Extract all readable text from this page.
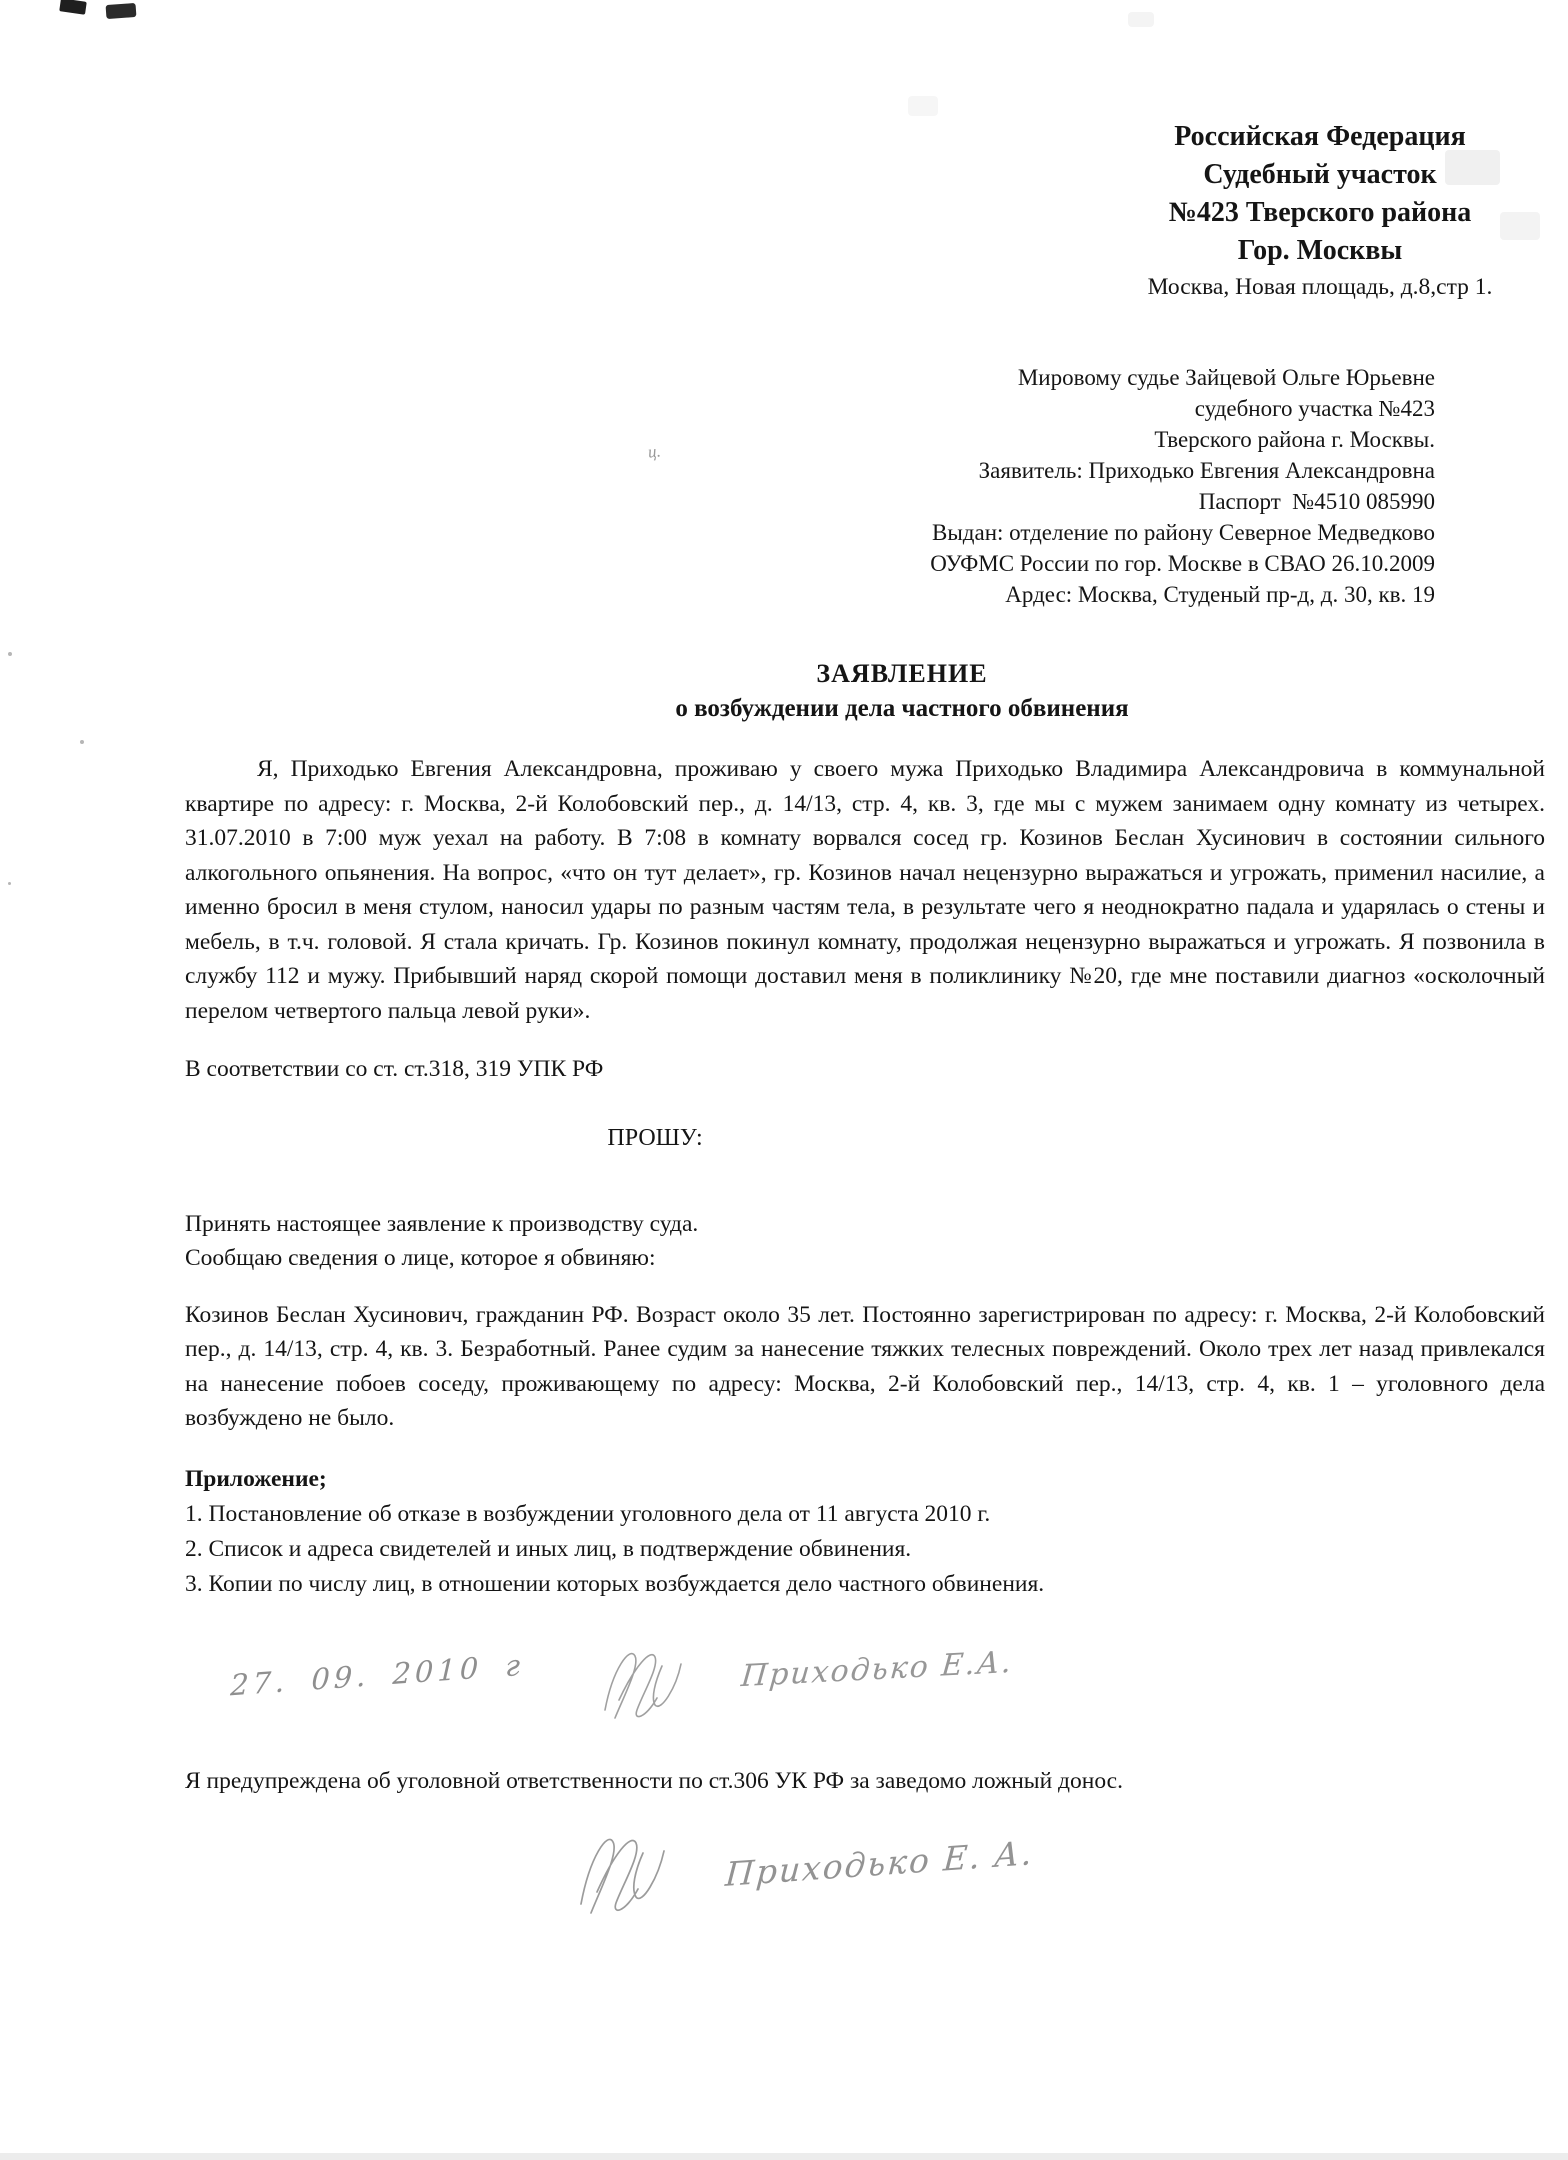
ц.
Российская Федерация
Судебный участок
№423 Тверского района
Гор. Москвы
Москва, Новая площадь, д.8,стр 1.
Мировому судье Зайцевой Ольге Юрьевне
судебного участка №423
Тверского района г. Москвы.
Заявитель: Приходько Евгения Александровна
Паспорт  №4510 085990
Выдан: отделение по району Северное Медведково
ОУФМС России по гор. Москве в СВАО 26.10.2009
Ардес: Москва, Студеный пр-д, д. 30, кв. 19
ЗАЯВЛЕНИЕ
о возбуждении дела частного обвинения

Я, Приходько Евгения Александровна, проживаю у своего мужа Приходько Владимира Александровича в коммунальной квартире по адресу: г. Москва, 2-й Колобовский пер., д. 14/13, стр. 4, кв. 3, где мы с мужем занимаем одну комнату из четырех. 31.07.2010 в 7:00 муж уехал на работу. В 7:08 в комнату ворвался сосед гр. Козинов Беслан Хусинович в состоянии сильного алкогольного опьянения. На вопрос, «что он тут делает», гр. Козинов начал нецензурно выражаться и угрожать, применил насилие, а именно бросил в меня стулом, наносил удары по разным частям тела, в результате чего я неоднократно падала и ударялась о стены и мебель, в т.ч. головой. Я стала кричать. Гр. Козинов покинул комнату, продолжая нецензурно выражаться и угрожать. Я позвонила в службу 112 и мужу. Прибывший наряд скорой помощи доставил меня в поликлинику №20, где мне поставили диагноз «осколочный перелом четвертого пальца левой руки».

В соответствии со ст. ст.318, 319 УПК РФ

ПРОШУ:
Принять настоящее заявление к производству суда.
Сообщаю сведения о лице, которое я обвиняю:

Козинов Беслан Хусинович, гражданин РФ. Возраст около 35 лет. Постоянно зарегистрирован по адресу: г. Москва, 2-й Колобовский пер., д. 14/13, стр. 4, кв. 3. Безработный. Ранее судим за нанесение тяжких телесных повреждений. Около трех лет назад привлекался на нанесение побоев соседу, проживающему по адресу: Москва, 2-й Колобовский пер., 14/13, стр. 4, кв. 1 – уголовного дела возбуждено не было.

Приложение;
1. Постановление об отказе в возбуждении уголовного дела от 11 августа 2010 г.
2. Список и адреса свидетелей и иных лиц, в подтверждение обвинения.
3. Копии по числу лиц, в отношении которых возбуждается дело частного обвинения.
27. 09. 2010 г	Приходько Е.А.

Я предупреждена об уголовной ответственности по ст.306 УК РФ за заведомо ложный донос.

Приходько Е. А.
